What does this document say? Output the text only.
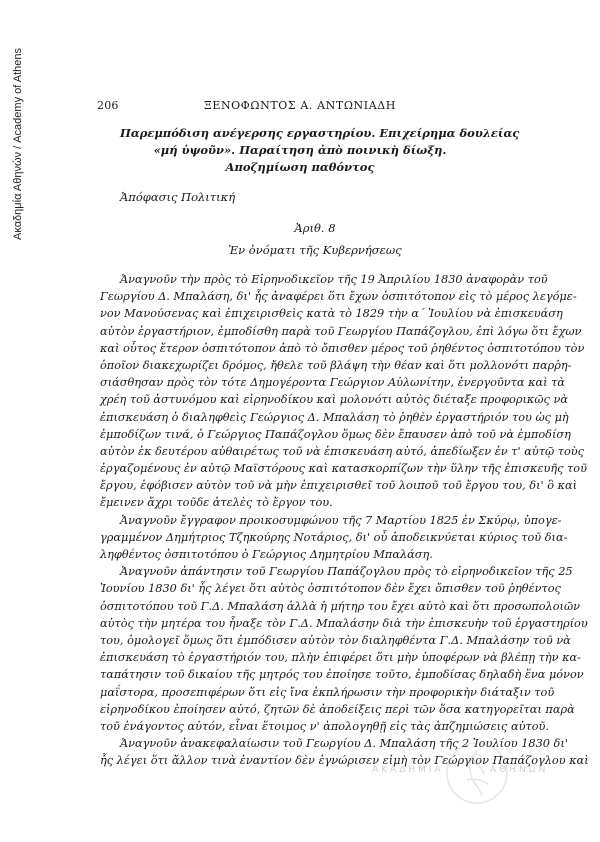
Ακαδημία Αθηνών / Academy of Athens	206	ΞΕΝΟΦΩΝΤΟΣ Α. ΑΝΤΩΝΙΑΔΗ
Παρεμπόδιση ανέγερσης εργαστηρίου. Επιχείρημα δουλείας
«μή ὑψοῦν». Παραίτηση ἀπὸ ποινικὴ δίωξη.
Αποζημίωση παθόντος
Ἀπόφασις Πολιτική
Ἀριθ. 8
Ἐν ὀνόματι τῆς Κυβερνήσεως
Ἀναγνοῦν τὴν πρὸς τὸ Εἰρηνοδικεῖον τῆς 19 Ἀπριλίου 1830 ἀναφορὰν τοῦ
Γεωργίου Δ. Μπαλάση, δι' ἧς ἀναφέρει ὅτι ἔχων ὀσπιτότοπον εἰς τὸ μέρος λεγόμε-
νον Μανούσενας καὶ ἐπιχειρισθεὶς κατὰ τὸ 1829 τὴν α΄ Ἰουλίου νὰ ἐπισκευάση
αὐτὸν ἐργαστήριον, ἐμποδίσθη παρὰ τοῦ Γεωργίου Παπάζογλου, ἐπὶ λόγω ὅτι ἔχων
καὶ οὗτος ἕτερον ὀσπιτότοπον ἀπὸ τὸ ὄπισθεν μέρος τοῦ ῥηθέντος ὀσπιτοτόπου τὸν
ὁποῖον διακεχωρίζει δρόμος, ἤθελε τοῦ βλάψη τὴν θέαν καὶ ὅτι μολλονότι παρῥη-
σιάσθησαν πρὸς τὸν τότε Δημογέροντα Γεώργιον Αὐλωνίτην, ἐνεργοῦντα καὶ τὰ
χρέη τοῦ ἀστυνόμου καὶ εἰρηνοδίκου καὶ μολονότι αὐτὸς διέταξε προφορικῶς νὰ
ἐπισκευάση ὁ διαληφθεὶς Γεώργιος Δ. Μπαλάση τὸ ῥηθὲν ἐργαστήριόν του ὡς μὴ
ἐμποδίζων τινά, ὁ Γεώργιος Παπάζογλου ὅμως δὲν ἔπαυσεν ἀπὸ τοῦ νὰ ἐμποδίση
αὐτὸν ἐκ δευτέρου αὐθαιρέτως τοῦ νὰ ἐπισκευάση αὐτό, ἀπεδίωξεν ἐν τ' αὐτῷ τοὺς
ἐργαζομένους ἐν αὐτῷ Μαϊστόρους καὶ κατασκορπίζων τὴν ὕλην τῆς ἐπισκευῆς τοῦ
ἔργου, ἐφόβισεν αὐτὸν τοῦ νὰ μὴν ἐπιχειρισθεῖ τοῦ λοιποῦ τοῦ ἔργου του, δι' ὃ καὶ
ἔμεινεν ἄχρι τοῦδε ἀτελὲς τὸ ἔργον του.
Ἀναγνοῦν ἔγγραφον προικοσυμφώνου τῆς 7 Μαρτίου 1825 ἐν Σκύρῳ, ὑπογε-
γραμμένον Δημήτριος Τζηκούρης Νοτάριος, δι' οὗ ἀποδεικνύεται κύριος τοῦ δια-
ληφθέντος ὀσπιτοτόπου ὁ Γεώργιος Δημητρίου Μπαλάση.
Ἀναγνοῦν ἀπάντησιν τοῦ Γεωργίου Παπάζογλου πρὸς τὸ εἰρηνοδικεῖον τῆς 25
Ἰουνίου 1830 δι' ἧς λέγει ὅτι αὐτὸς ὀσπιτότοπον δὲν ἔχει ὄπισθεν τοῦ ῥηθέντος
ὀσπιτοτόπου τοῦ Γ.Δ. Μπαλάση ἀλλὰ ἡ μήτηρ του ἔχει αὐτὸ καὶ ὅτι προσωπολοιῶν
αὐτὸς τὴν μητέρα του ἦναξε τὸν Γ.Δ. Μπαλάσην διὰ τὴν ἐπισκευὴν τοῦ ἐργαστηρίου
του, ὁμολογεῖ ὅμως ὅτι ἐμπόδισεν αὐτὸν τὸν διαληφθέντα Γ.Δ. Μπαλάσην τοῦ νὰ
ἐπισκευάση τὸ ἐργαστήριόν του, πλὴν ἐπιφέρει ὅτι μὴν ὑποφέρων νὰ βλέπῃ τὴν κα-
ταπάτησιν τοῦ δικαίου τῆς μητρός του ἐποίησε τοῦτο, ἐμποδίσας δηλαδὴ ἕνα μόνον
μαΐστορα, προσεπιφέρων ὅτι εἰς ἴνα ἐκπλήρωσιν τὴν προφορικὴν διάταξιν τοῦ
εἰρηνοδίκου ἐποίησεν αὐτό, ζητῶν δὲ ἀποδείξεις περὶ τῶν ὅσα κατηγορεῖται παρὰ
τοῦ ἐνάγοντος αὐτόν, εἶναι ἕτοιμος ν' ἀπολογηθῇ εἰς τὰς ἀπζημιώσεις αὐτοῦ.
Ἀναγνοῦν ἀνακεφαλαίωσιν τοῦ Γεωργίου Δ. Μπαλάση τῆς 2 Ἰουλίου 1830 δι'
ἧς λέγει ὅτι ἄλλον τινὰ ἐναντίον δὲν ἐγνώρισεν εἰμὴ τὸν Γεώργιον Παπάζογλου καὶ
ΑΚΑΔΗΜΙΑ	ΑΘΗΝΩΝ
